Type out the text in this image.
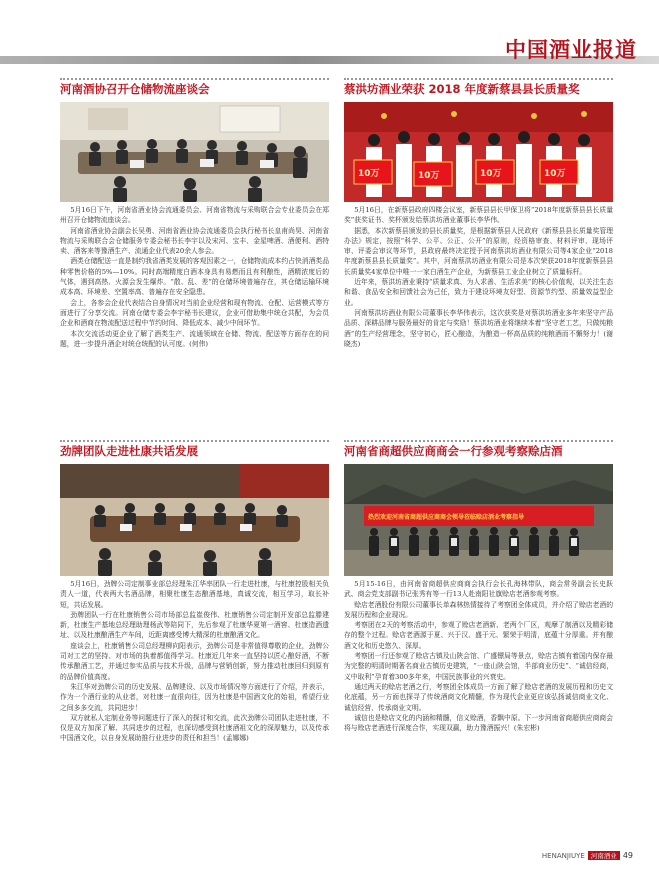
中国酒业报道
河南酒协召开仓储物流座谈会

5月16日下午，河南省酒业协会流通委员会、河南省物流与采购联合会专业委员会在郑州召开仓储物流座谈会。

河南省酒业协会副会长吴勇、河南省酒业协会流通委员会执行秘书长皇甫尚昊、河南省物流与采购联合会仓储服务专委会秘书长李宇以及宋河、宝丰、金星啤酒、酒便利、酒特卖、酒客来等豫酒生产、流通企业代表20余人参会。

酒类仓储配送一直是制约我省酒类发展的客观因素之一，仓储物流成本约占快消酒类品种零售价格的5%—10%。同时高端精度白酒本身具有易燃而且有利酿性，酒精浓度后的气体，遇到高热、火源会发生爆炸。“散、乱、差”的仓储环境普遍存在，其仓储运输环境成本高、环境差、空置率高、普遍存在安全隐患。

会上，各参会企业代表结合自身情况对当前企业经营和现有物流、仓配、运营模式等方面进行了分享交流。河南仓储专委会李宇秘书长建议，企业可借助集中统仓共配，为会员企业和酒商在物流配送过程中节约时间、降低成本、减少中间环节。

本次交流活动更企业了解了酒类生产、流通领域在仓储、物流、配送等方面存在的问题，进一步提升酒企对统仓统配的认可度。(何伟)

蔡洪坊酒业荣获 2018 年度新蔡县县长质量奖
10万	10万	10万	10万

5月16日，在新蔡县政府四楼会议室，新蔡县县长甲保卫将“2018年度新蔡县县长质量奖”获奖证书、奖杯颁发给蔡洪坊酒业董事长李华伟。

据悉，本次新蔡县颁发的县长质量奖，是根据新蔡县人民政府《新蔡县县长质量奖管理办法》规定，按照“科学、公平、公正、公开”的原则，经资格审查、材料评审、现场评审、评委会审议等环节，县政府最终决定授予河南蔡洪坊酒业有限公司等4家企业“2018年度新蔡县县长质量奖”。其中，河南蔡洪坊酒业有限公司是本次荣获2018年度新蔡县县长质量奖4家单位中唯一一家白酒生产企业，为新蔡县工业企业树立了质量标杆。

近年来，蔡洪坊酒业秉持“质量求真、为人求善、生活求美”的核心价值观，以关注生态和谐、食品安全和回馈社会为己任，致力于建设环境友好型、资源节约型、质量效益型企业。

河南蔡洪坊酒业有限公司董事长李华伟表示，这次获奖是对蔡洪坊酒业多年来坚守产品品质、深耕品牌与服务最好的肯定与奖励！蔡洪坊酒业将继续本着“坚守老工艺，只做纯粮酒”的生产经营理念，坚守初心，匠心酿造，为酿造一杯高品质的纯粮酒而不懈努力！(谢晓杰)

劲牌团队走进杜康共话发展

5月16日，劲牌公司定制事业部总经理朱江华率团队一行走进杜康，与杜康控股相关负责人一道，代表两大名酒品牌，相聚杜康生态酿酒基地，真诚交流，相互学习，取长补短，共话发展。

劲牌团队一行在杜康销售公司市场部总监崔俊伟、杜康销售公司定制开发部总监滕建新，杜康生产基地总经理助理杨武等陪同下，先后参观了杜康华夏第一酒窖、杜康造酒遗址、以及杜康酿酒生产车间，近距离感受博大精深的杜康酿酒文化。

座谈会上，杜康销售公司总经理柳向阳表示，劲牌公司是非常值得尊敬的企业，劲牌公司对工艺的坚持、对市场的执着都值得学习。杜康近几年来一直坚持以匠心酿好酒，不断传承酿酒工艺，并通过参实品质与技术升级，品牌与营销创新，努力推动杜康回归到原有的品牌价值高度。

朱江华对劲牌公司的历史发展、品牌建设、以及市场情况等方面进行了介绍，并表示，作为一个酒行业的从业者，对杜康一直很向往，因为杜康是中国酒文化的始祖，希望行业之间多多交流，共同进步！

双方就私人定制业务等问题进行了深入的探讨和交流，此次劲牌公司团队走进杜康，不仅是双方加深了解、共同进步的过程，也深切感受到杜康酒祖文化的深厚魅力，以及传承中国酒文化，以自身发展助推行业进步的责任和担当！(孟娜娜)

河南省商超供应商商会一行参观考察赊店酒
热烈欢迎河南省商超供应商商会领导莅临赊店酒业考察指导

5月15-16日，由河南省商超供应商商会执行会长孔海林带队，商会常务副会长史跃武、商会党支部副书记张秀有等一行13人赴南阳社旗赊店老酒参观考察。

赊店老酒股份有限公司董事长单森林热情接待了考察团全体成员，并介绍了赊店老酒的发展历程和企业现况。

考察团在2天的考察活动中，参观了赊店老酒新、老两个厂区，观摩了制酒以及精彩储存的整个过程。赊店老酒源于夏、兴于汉、盛于元、繁荣于明清，底蕴十分厚重。并有酿酒文化和历史悠久、深厚。

考察团一行还参观了赊店古镇及山陕会馆、广盛镖局等景点，赊店古镇有着国内保存最为完整的明清时期著名商业古镇历史建筑，“一座山陕会馆，半部商业历史”、“诚信经商，义中取利”孕育着300多年来，中国民族事业的兴衰史。

通过两天的赊店老酒之行，考察团全体成员一方面了解了赊店老酒的发展历程和历史文化底蕴，另一方面也探寻了传统酒商文化精髓，作为现代企业更应该弘扬诚信商业文化、诚信经营、传承商业文明。

诚信也是赊店文化的内涵和精髓，信义赊酒，香飘中原。下一步河南省商超供应商商会将与赊店老酒进行深度合作，实现双赢，助力豫酒振兴！(朱宏彬)

HENANJIUYE 河南酒业 49
